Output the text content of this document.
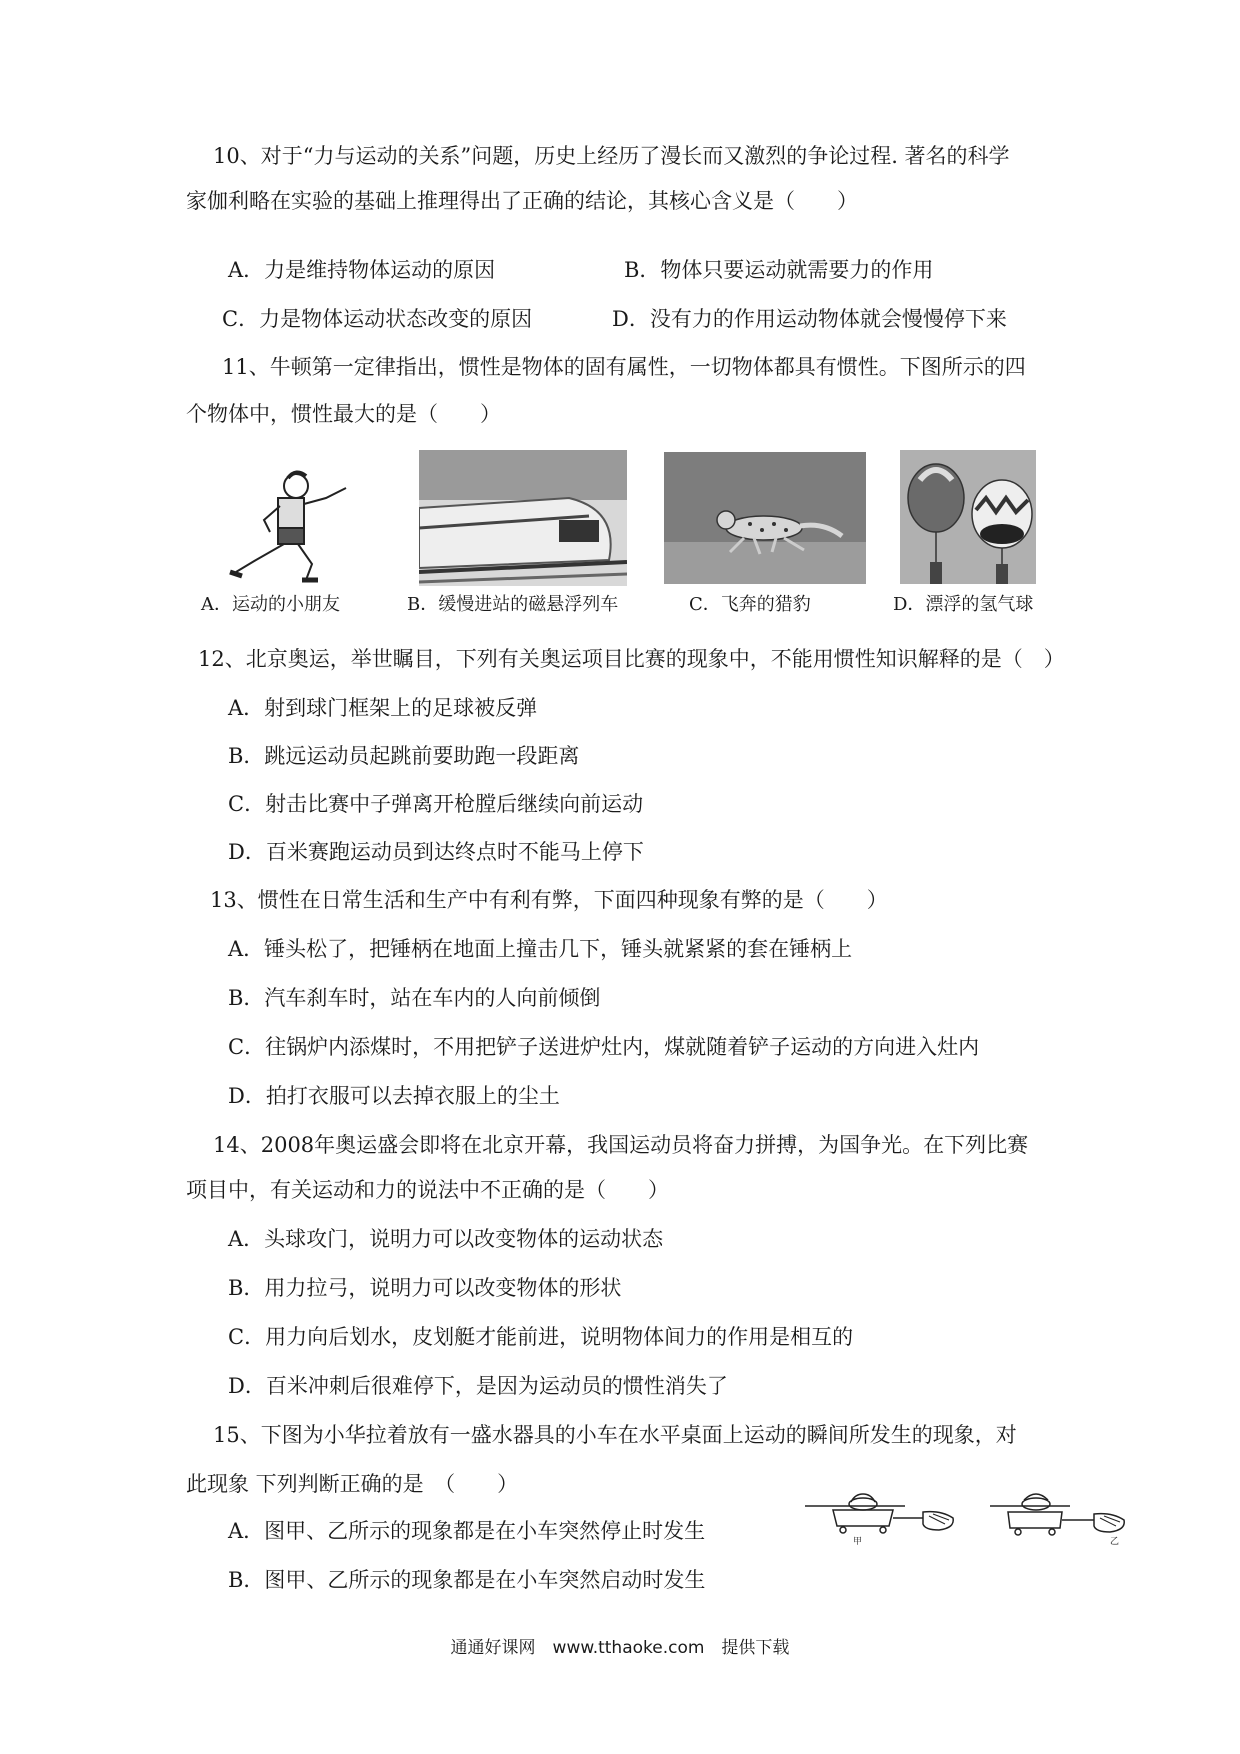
10、对于“力与运动的关系”问题，历史上经历了漫长而又激烈的争论过程. 著名的科学
家伽利略在实验的基础上推理得出了正确的结论，其核心含义是（　　）
A．力是维持物体运动的原因	B．物体只要运动就需要力的作用
C．力是物体运动状态改变的原因	D．没有力的作用运动物体就会慢慢停下来
11、牛顿第一定律指出，惯性是物体的固有属性，一切物体都具有惯性。下图所示的四
个物体中，惯性最大的是（　　）
A．运动的小朋友	B．缓慢进站的磁悬浮列车	C．飞奔的猎豹	D．漂浮的氢气球
12、北京奥运，举世瞩目，下列有关奥运项目比赛的现象中，不能用惯性知识解释的是（　）
A．射到球门框架上的足球被反弹
B．跳远运动员起跳前要助跑一段距离
C．射击比赛中子弹离开枪膛后继续向前运动
D．百米赛跑运动员到达终点时不能马上停下
13、惯性在日常生活和生产中有利有弊，下面四种现象有弊的是（　　）
A．锤头松了，把锤柄在地面上撞击几下，锤头就紧紧的套在锤柄上
B．汽车刹车时，站在车内的人向前倾倒
C．往锅炉内添煤时，不用把铲子送进炉灶内，煤就随着铲子运动的方向进入灶内
D．拍打衣服可以去掉衣服上的尘土
14、2008年奥运盛会即将在北京开幕，我国运动员将奋力拼搏，为国争光。在下列比赛
项目中，有关运动和力的说法中不正确的是（　　）
A．头球攻门，说明力可以改变物体的运动状态
B．用力拉弓，说明力可以改变物体的形状
C．用力向后划水，皮划艇才能前进，说明物体间力的作用是相互的
D．百米冲刺后很难停下，是因为运动员的惯性消失了
15、下图为小华拉着放有一盛水器具的小车在水平桌面上运动的瞬间所发生的现象，对
此现象 下列判断正确的是　（　　）
A．图甲、乙所示的现象都是在小车突然停止时发生
B．图甲、乙所示的现象都是在小车突然启动时发生
甲	乙
通通好课网　www.tthaoke.com　提供下载
